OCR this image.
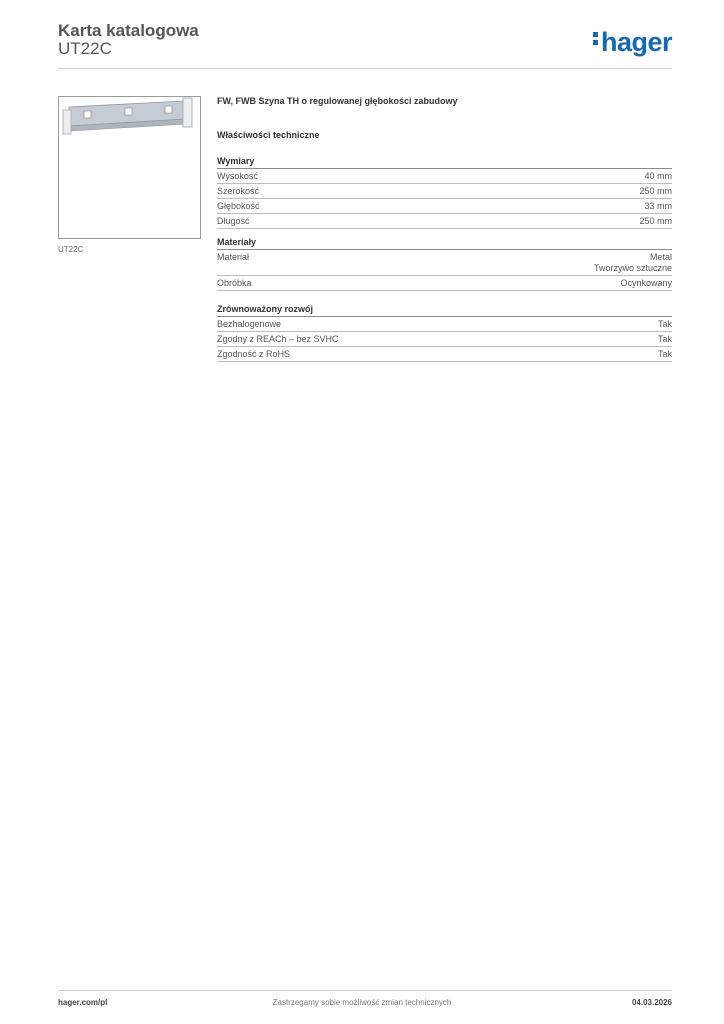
Karta katalogowa
UT22C	hager
UT22C
FW, FWB Szyna TH o regulowanej głębokości zabudowy
Właściwości techniczne
Wymiary
Wysokość	40 mm
Szerokość	250 mm
Głębokość	33 mm
Długość	250 mm
Materiały
Materiał	Metal
Tworzywo sztuczne
Obróbka	Ocynkowany
Zrównoważony rozwój
Bezhalogenowe	Tak
Zgodny z REACh – bez SVHC	Tak
Zgodność z RoHS	Tak
hager.com/pl	Zastrzegamy sobie możliwość zmian technicznych	04.03.2026
